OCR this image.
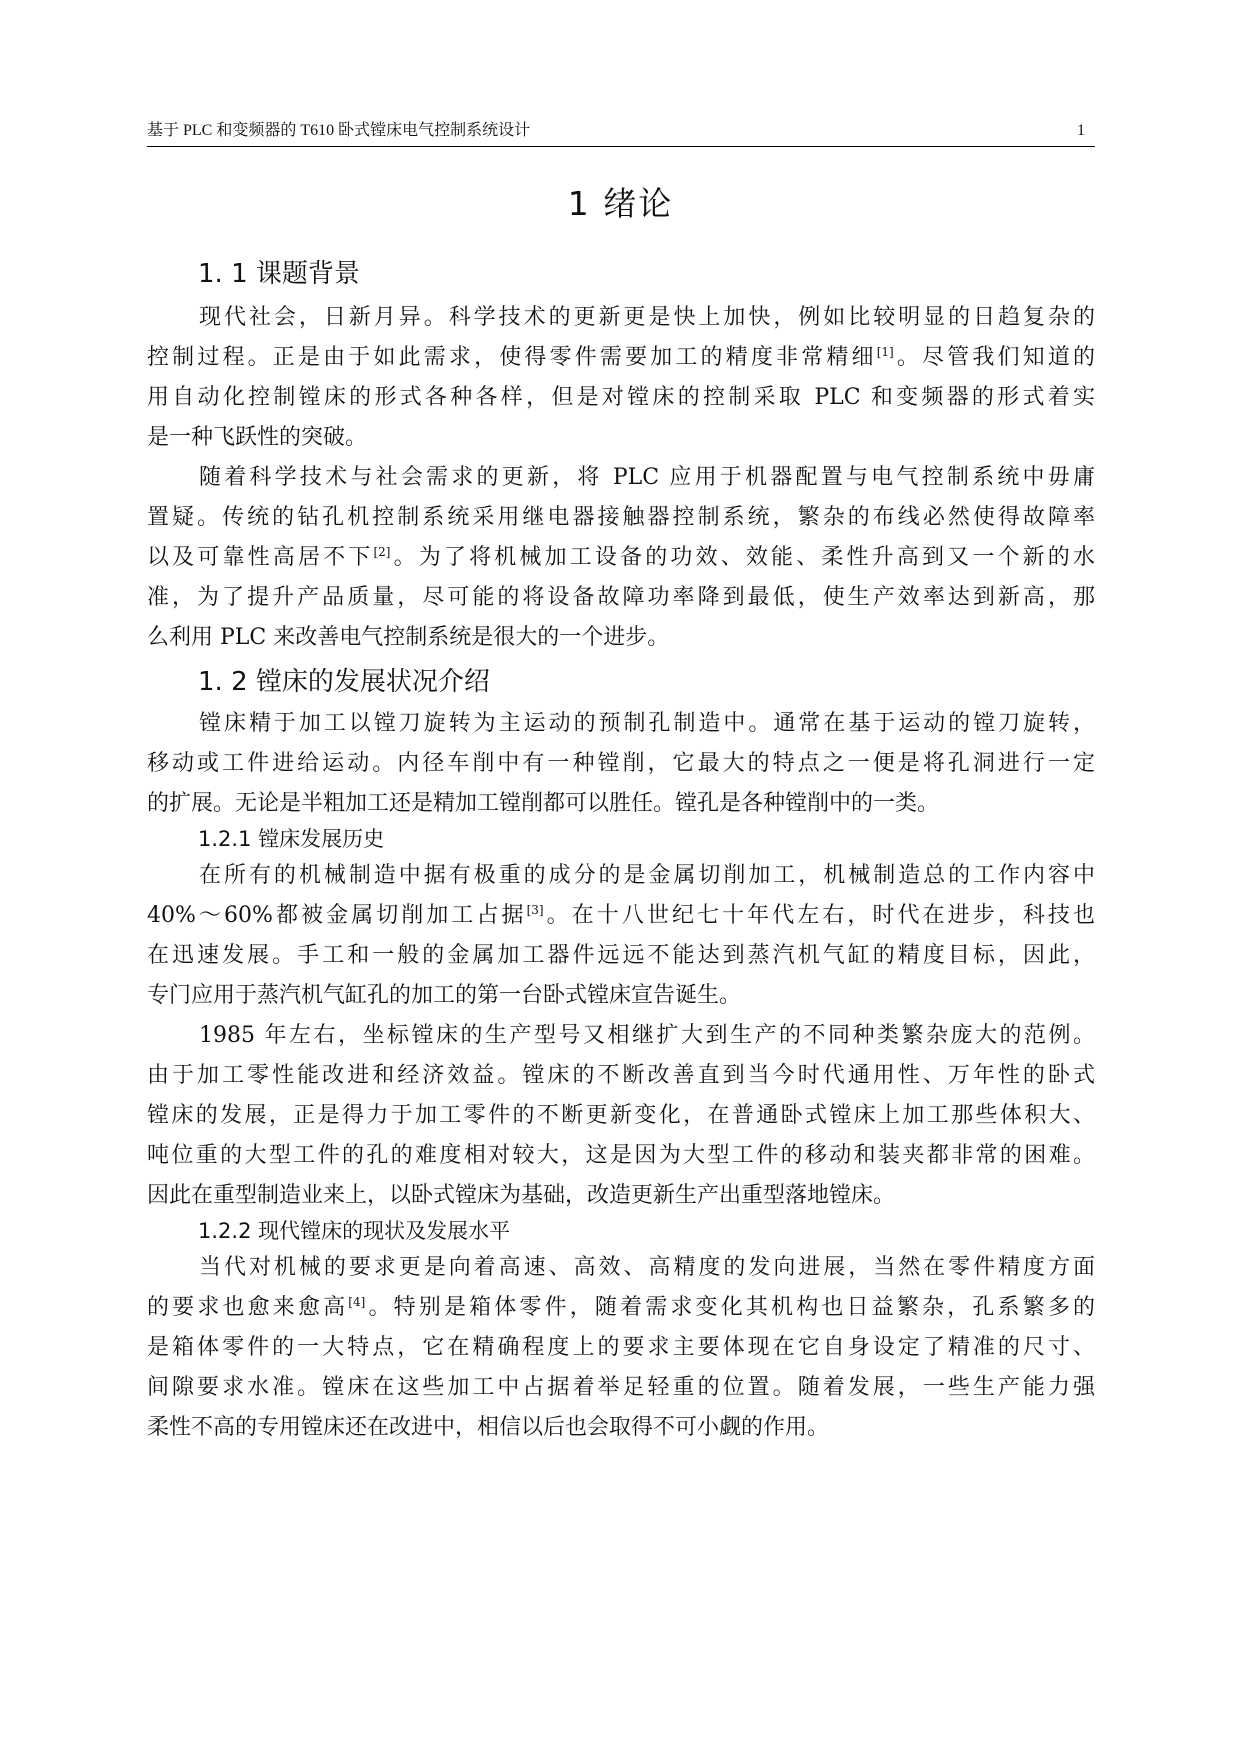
基于 PLC 和变频器的 T610 卧式镗床电气控制系统设计	1
1 绪论
1. 1 课题背景
现代社会，日新月异。科学技术的更新更是快上加快，例如比较明显的日趋复杂的
控制过程。正是由于如此需求，使得零件需要加工的精度非常精细[1]。尽管我们知道的
用自动化控制镗床的形式各种各样，但是对镗床的控制采取 PLC 和变频器的形式着实
是一种飞跃性的突破。
随着科学技术与社会需求的更新，将 PLC 应用于机器配置与电气控制系统中毋庸
置疑。传统的钻孔机控制系统采用继电器接触器控制系统，繁杂的布线必然使得故障率
以及可靠性高居不下[2]。为了将机械加工设备的功效、效能、柔性升高到又一个新的水
准，为了提升产品质量，尽可能的将设备故障功率降到最低，使生产效率达到新高，那
么利用 PLC 来改善电气控制系统是很大的一个进步。
1. 2 镗床的发展状况介绍
镗床精于加工以镗刀旋转为主运动的预制孔制造中。通常在基于运动的镗刀旋转，
移动或工件进给运动。内径车削中有一种镗削，它最大的特点之一便是将孔洞进行一定
的扩展。无论是半粗加工还是精加工镗削都可以胜任。镗孔是各种镗削中的一类。
1.2.1 镗床发展历史
在所有的机械制造中据有极重的成分的是金属切削加工，机械制造总的工作内容中
40%～60%都被金属切削加工占据[3]。在十八世纪七十年代左右，时代在进步，科技也
在迅速发展。手工和一般的金属加工器件远远不能达到蒸汽机气缸的精度目标，因此，
专门应用于蒸汽机气缸孔的加工的第一台卧式镗床宣告诞生。
1985 年左右，坐标镗床的生产型号又相继扩大到生产的不同种类繁杂庞大的范例。
由于加工零性能改进和经济效益。镗床的不断改善直到当今时代通用性、万年性的卧式
镗床的发展，正是得力于加工零件的不断更新变化，在普通卧式镗床上加工那些体积大、
吨位重的大型工件的孔的难度相对较大，这是因为大型工件的移动和装夹都非常的困难。
因此在重型制造业来上，以卧式镗床为基础，改造更新生产出重型落地镗床。
1.2.2 现代镗床的现状及发展水平
当代对机械的要求更是向着高速、高效、高精度的发向进展，当然在零件精度方面
的要求也愈来愈高[4]。特别是箱体零件，随着需求变化其机构也日益繁杂，孔系繁多的
是箱体零件的一大特点，它在精确程度上的要求主要体现在它自身设定了精准的尺寸、
间隙要求水准。镗床在这些加工中占据着举足轻重的位置。随着发展，一些生产能力强
柔性不高的专用镗床还在改进中，相信以后也会取得不可小觑的作用。
